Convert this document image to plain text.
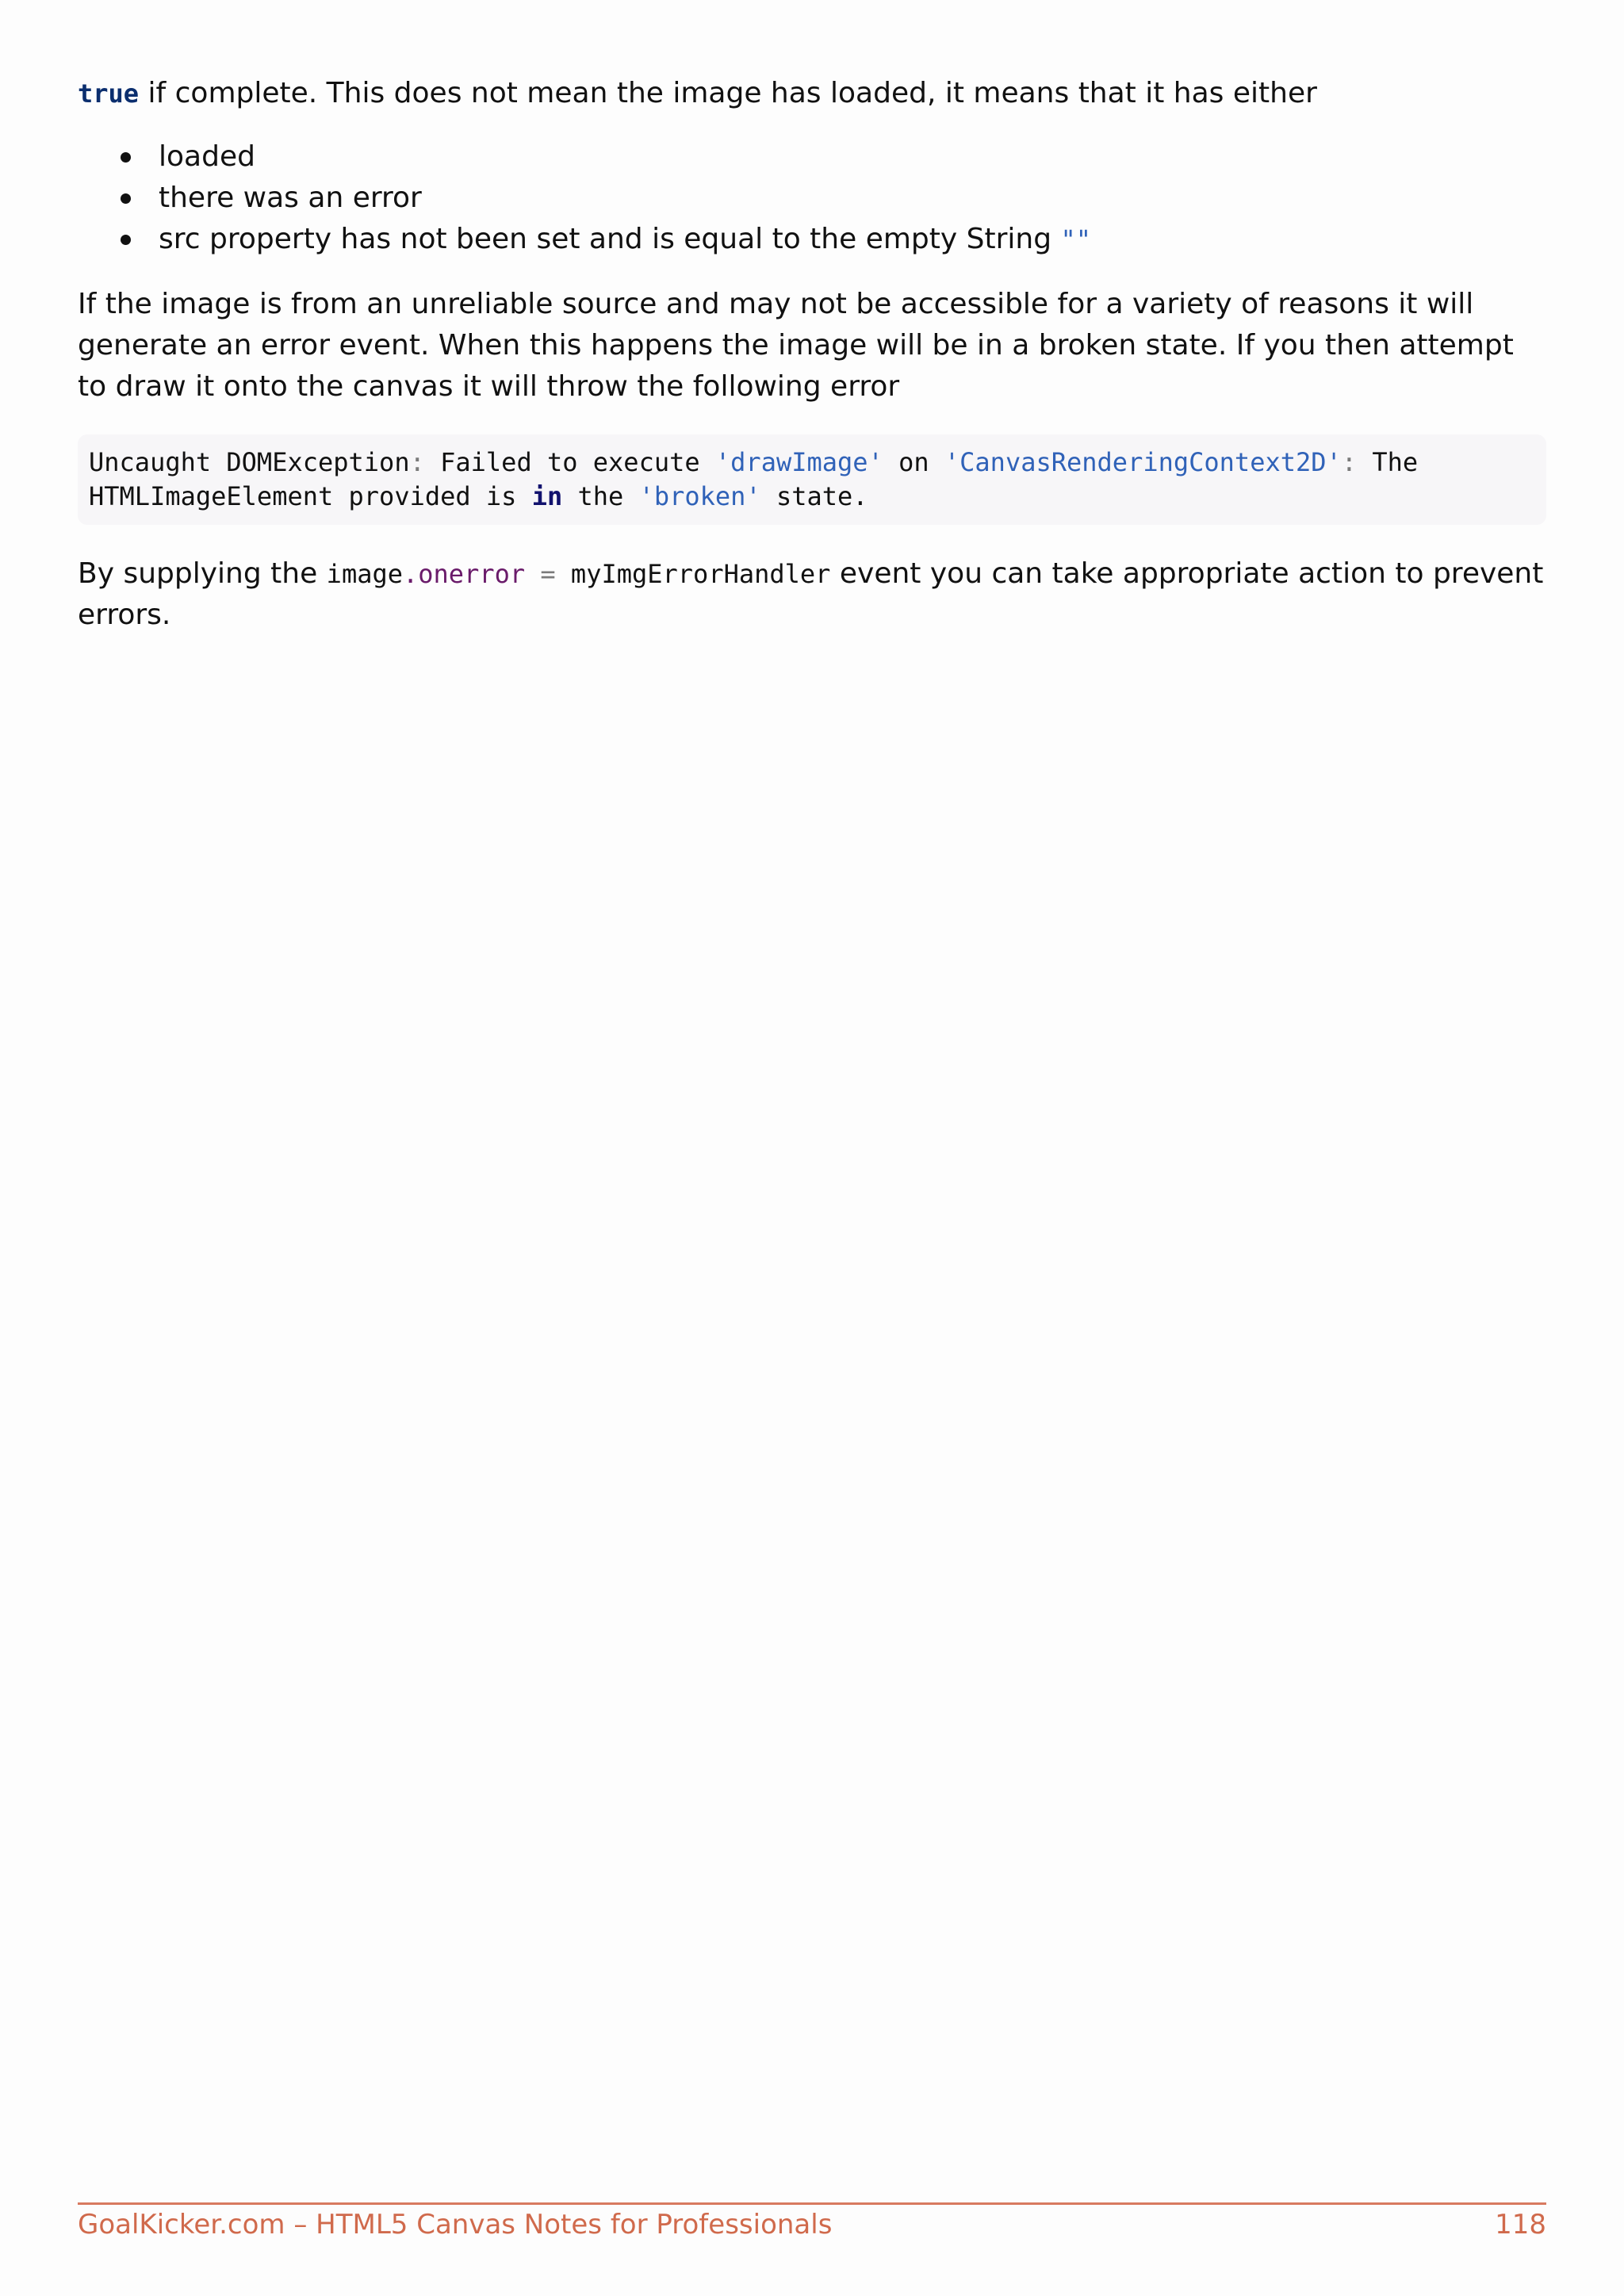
true if complete. This does not mean the image has loaded, it means that it has either

loaded
there was an error
src property has not been set and is equal to the empty String ""

If the image is from an unreliable source and may not be accessible for a variety of reasons it will generate an error event. When this happens the image will be in a broken state. If you then attempt to draw it onto the canvas it will throw the following error

Uncaught DOMException: Failed to execute 'drawImage' on 'CanvasRenderingContext2D': The
HTMLImageElement provided is in the 'broken' state.

By supplying the image.onerror = myImgErrorHandler event you can take appropriate action to prevent errors.

GoalKicker.com – HTML5 Canvas Notes for Professionals	118
